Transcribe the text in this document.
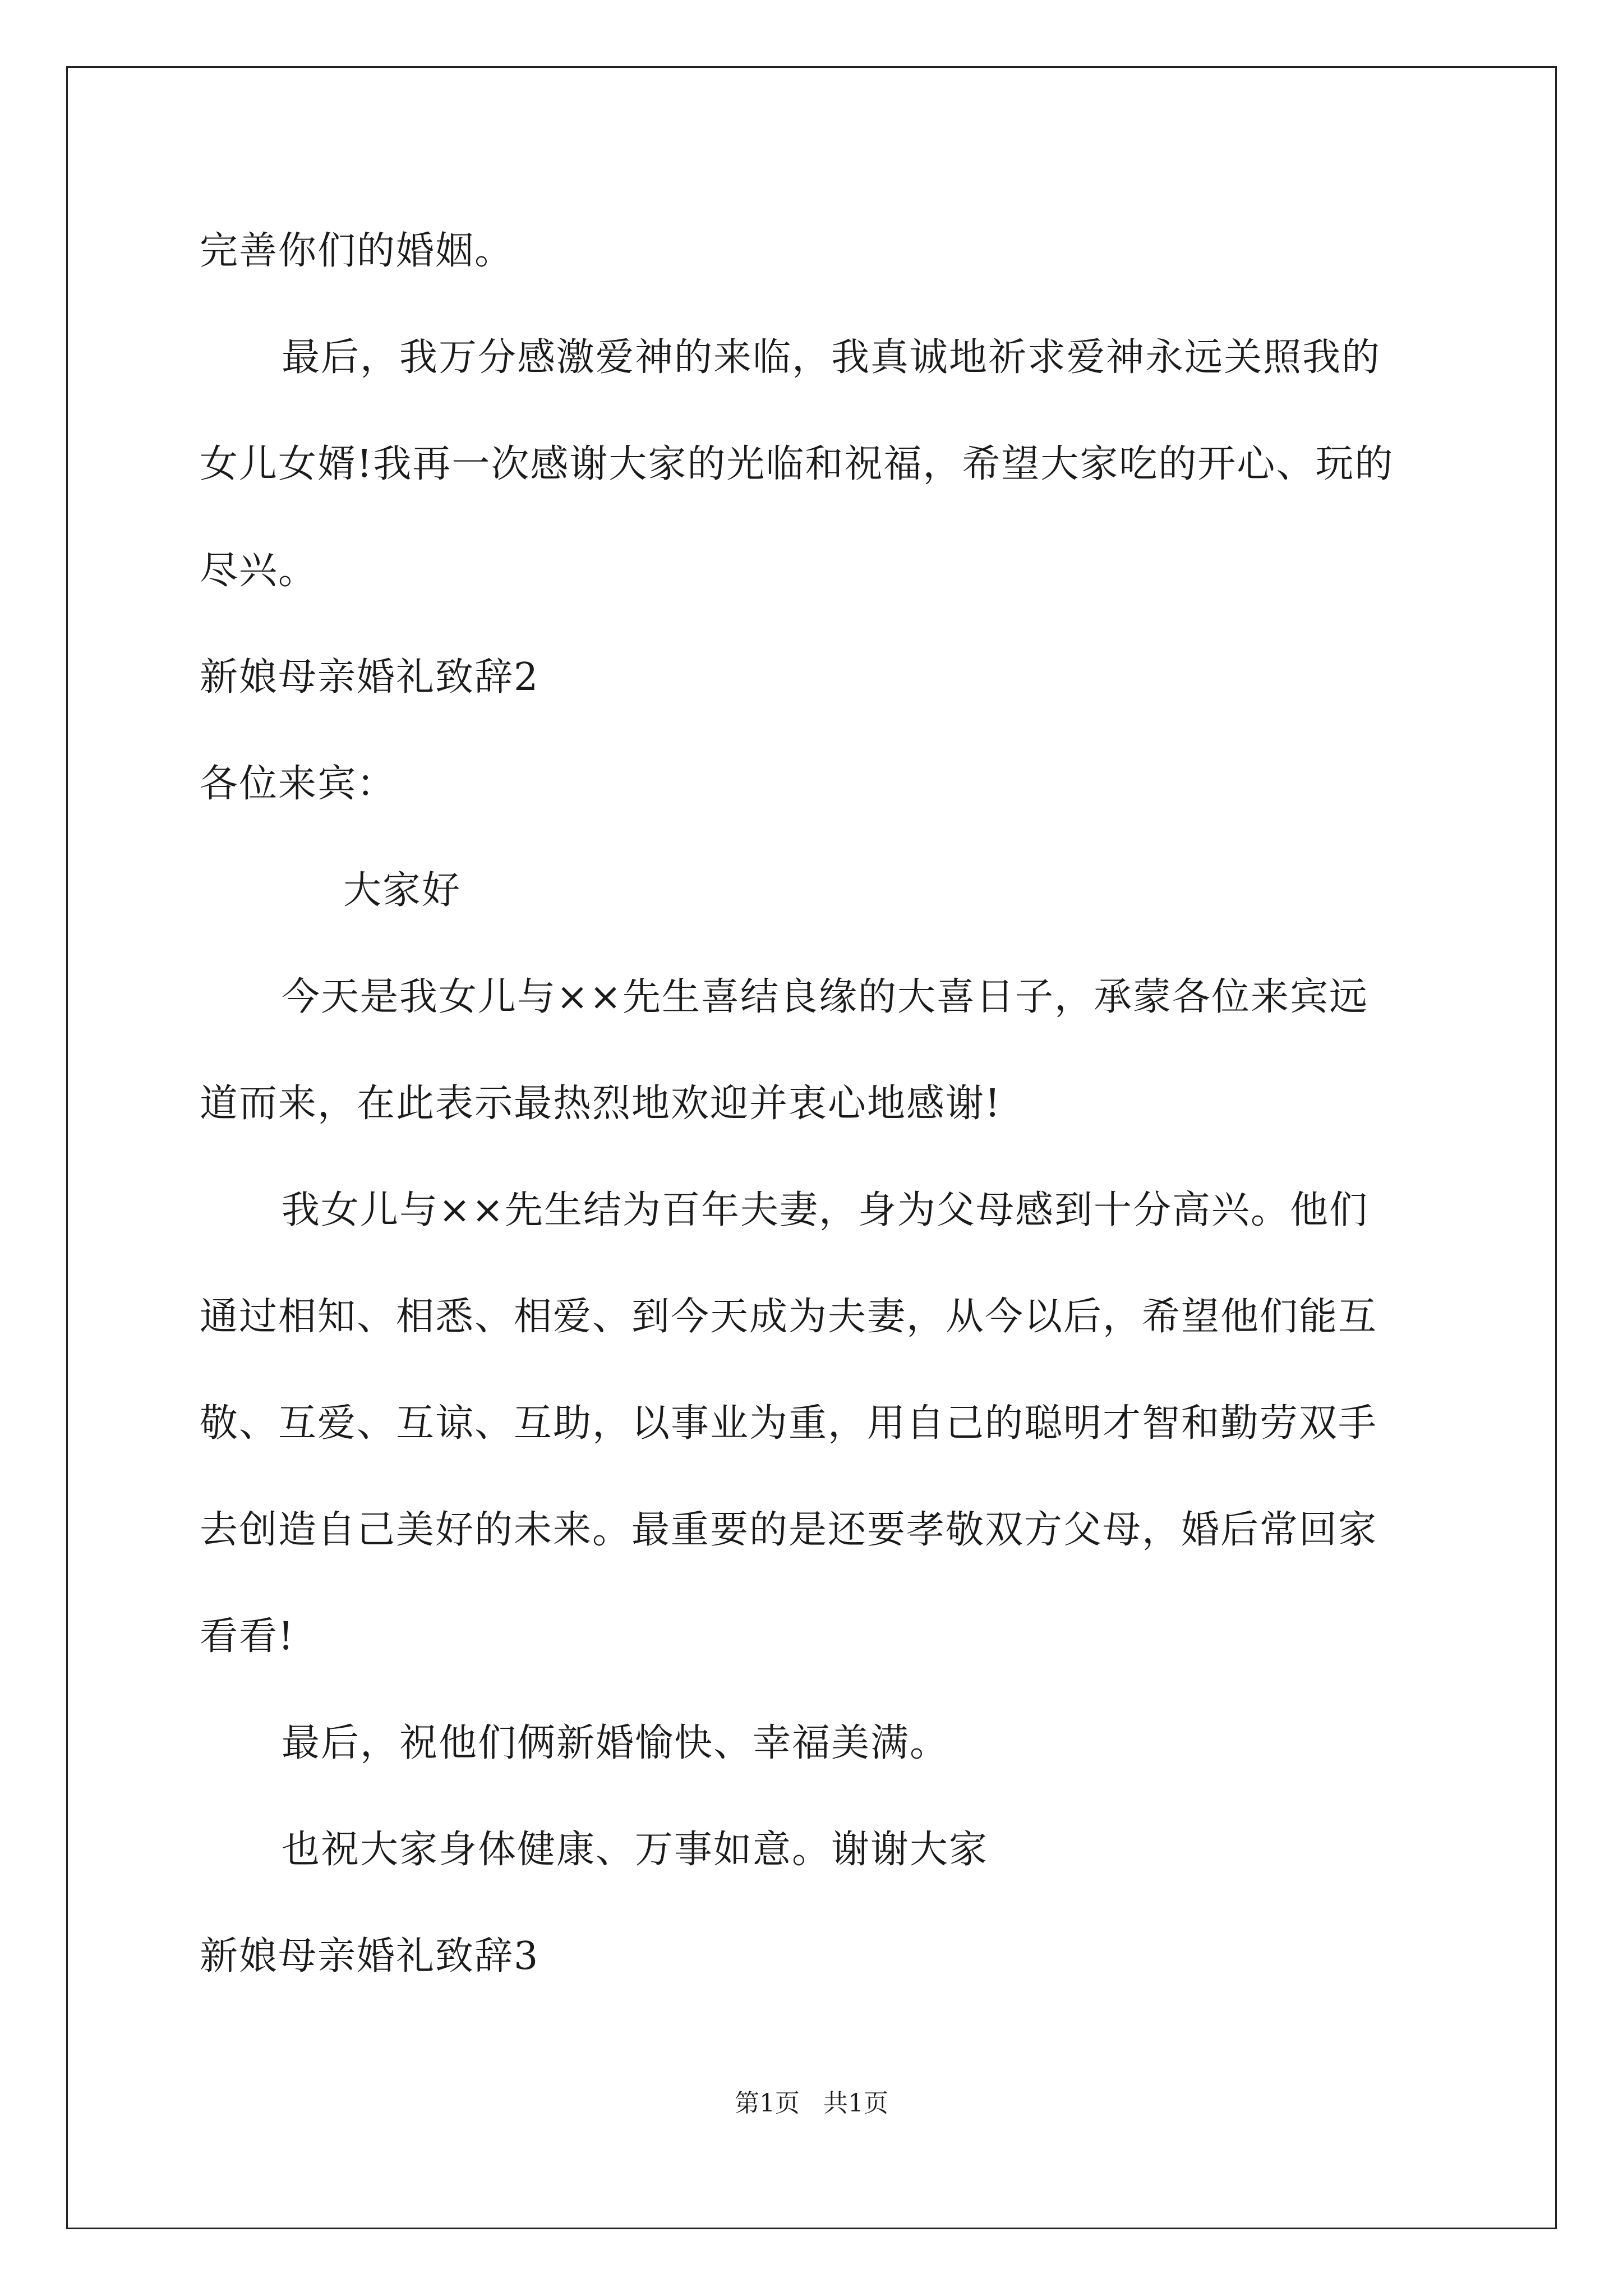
完善你们的婚姻。
最后，我万分感激爱神的来临，我真诚地祈求爱神永远关照我的
女儿女婿!我再一次感谢大家的光临和祝福，希望大家吃的开心、玩的
尽兴。
新娘母亲婚礼致辞2
各位来宾：
大家好
今天是我女儿与××先生喜结良缘的大喜日子，承蒙各位来宾远
道而来，在此表示最热烈地欢迎并衷心地感谢!
我女儿与××先生结为百年夫妻，身为父母感到十分高兴。他们
通过相知、相悉、相爱、到今天成为夫妻，从今以后，希望他们能互
敬、互爱、互谅、互助，以事业为重，用自己的聪明才智和勤劳双手
去创造自己美好的未来。最重要的是还要孝敬双方父母，婚后常回家
看看!
最后，祝他们俩新婚愉快、幸福美满。
也祝大家身体健康、万事如意。谢谢大家
新娘母亲婚礼致辞3
第1页   共1页
